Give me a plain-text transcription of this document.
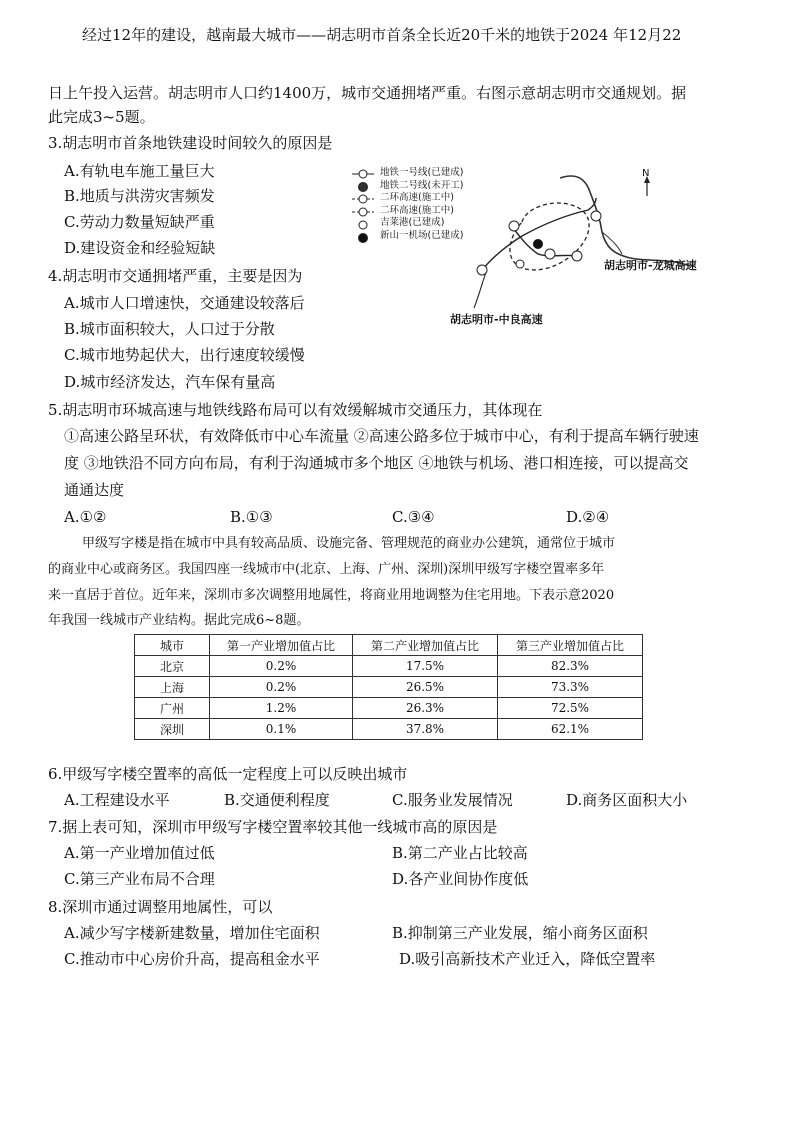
经过12年的建设，越南最大城市——胡志明市首条全长近20千米的地铁于2024 年12月22
日上午投入运营。胡志明市人口约1400万，城市交通拥堵严重。右图示意胡志明市交通规划。据
此完成3~5题。
3.胡志明市首条地铁建设时间较久的原因是
A.有轨电车施工量巨大
B.地质与洪涝灾害频发
C.劳动力数量短缺严重
D.建设资金和经验短缺
地铁一号线(已建成)
地铁二号线(未开工)
二环高速(施工中)
二环高速(施工中)
吉莱港(已建成)
新山一机场(已建成)
N
胡志明市-龙城高速
胡志明市-中良高速
4.胡志明市交通拥堵严重，主要是因为
A.城市人口增速快，交通建设较落后
B.城市面积较大，人口过于分散
C.城市地势起伏大，出行速度较缓慢
D.城市经济发达，汽车保有量高
5.胡志明市环城高速与地铁线路布局可以有效缓解城市交通压力，其体现在
①高速公路呈环状，有效降低市中心车流量 ②高速公路多位于城市中心，有利于提高车辆行驶速
度 ③地铁沿不同方向布局，有利于沟通城市多个地区 ④地铁与机场、港口相连接，可以提高交
通通达度
A.①②	B.①③	C.③④	D.②④
甲级写字楼是指在城市中具有较高品质、设施完备、管理规范的商业办公建筑，通常位于城市
的商业中心或商务区。我国四座一线城市中(北京、上海、广州、深圳)深圳甲级写字楼空置率多年
来一直居于首位。近年来，深圳市多次调整用地属性，将商业用地调整为住宅用地。下表示意2020
年我国一线城市产业结构。据此完成6~8题。
城市	第一产业增加值占比	第二产业增加值占比	第三产业增加值占比
北京	0.2%	17.5%	82.3%
上海	0.2%	26.5%	73.3%
广州	1.2%	26.3%	72.5%
深圳	0.1%	37.8%	62.1%
6.甲级写字楼空置率的高低一定程度上可以反映出城市
A.工程建设水平	B.交通便利程度	C.服务业发展情况	D.商务区面积大小
7.据上表可知，深圳市甲级写字楼空置率较其他一线城市高的原因是
A.第一产业增加值过低	B.第二产业占比较高
C.第三产业布局不合理	D.各产业间协作度低
8.深圳市通过调整用地属性，可以
A.减少写字楼新建数量，增加住宅面积	B.抑制第三产业发展，缩小商务区面积
C.推动市中心房价升高，提高租金水平	D.吸引高新技术产业迁入，降低空置率
